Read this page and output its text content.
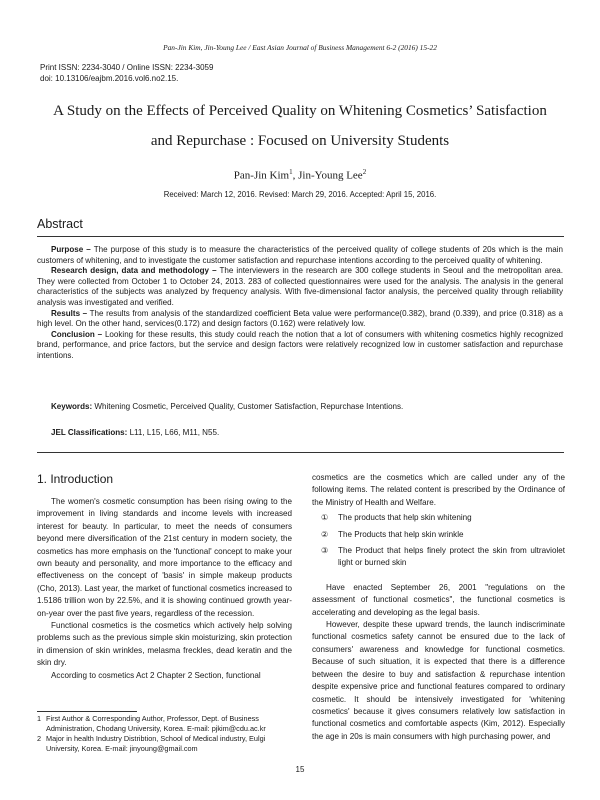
Pan-Jin Kim, Jin-Young Lee / East Asian Journal of Business Management 6-2 (2016) 15-22
Print ISSN: 2234-3040 / Online ISSN: 2234-3059
doi: 10.13106/eajbm.2016.vol6.no2.15.
A Study on the Effects of Perceived Quality on Whitening Cosmetics’ Satisfaction
and Repurchase : Focused on University Students
Pan-Jin Kim$^1$, Jin-Young Lee$^2$
Received: March 12, 2016. Revised: March 29, 2016. Accepted: April 15, 2016.
Abstract

Purpose – The purpose of this study is to measure the characteristics of the perceived quality of college students of 20s which is the main customers of whitening, and to investigate the customer satisfaction and repurchase intentions according to the perceived quality of whitening.

Research design, data and methodology – The interviewers in the research are 300 college students in Seoul and the metropolitan area. They were collected from October 1 to October 24, 2013. 283 of collected questionnaires were used for the analysis. The analysis in the general characteristics of the subjects was analyzed by frequency analysis. With five-dimensional factor analysis, the perceived quality through reliability analysis was investigated and verified.

Results – The results from analysis of the standardized coefficient Beta value were performance(0.382), brand (0.339), and price (0.318) as a high level. On the other hand, services(0.172) and design factors (0.162) were relatively low.

Conclusion – Looking for these results, this study could reach the notion that a lot of consumers with whitening cosmetics highly recognized brand, performance, and price factors, but the service and design factors were relatively recognized low in customer satisfaction and repurchase intentions.

Keywords: Whitening Cosmetic, Perceived Quality, Customer Satisfaction, Repurchase Intentions.
JEL Classifications: L11, L15, L66, M11, N55.
1. Introduction

The women's cosmetic consumption has been rising owing to the improvement in living standards and income levels with increased interest for beauty. In particular, to meet the needs of consumers beyond mere diversification of the 21st century in modern society, the cosmetics has more emphasis on the 'functional' concept to make your own beauty and personality, and more importance to the efficacy and effectiveness on the concept of 'basis' in simple makeup products (Cho, 2013). Last year, the market of functional cosmetics increased to 1.5186 trillion won by 22.5%, and it is showing continued growth year-on-year over the past five years, regardless of the recession.

Functional cosmetics is the cosmetics which actively help solving problems such as the previous simple skin moisturizing, skin protection in dimension of skin wrinkles, melasma freckles, dead keratin and the skin dry.

According to cosmetics Act 2 Chapter 2 Section, functional

cosmetics are the cosmetics which are called under any of the following items. The related content is prescribed by the Ordinance of the Ministry of Health and Welfare.

① The products that help skin whitening
② The Products that help skin wrinkle
③ The Product that helps finely protect the skin from ultraviolet light or burned skin

Have enacted September 26, 2001 "regulations on the assessment of functional cosmetics", the functional cosmetics is accelerating and developing as the legal basis.

However, despite these upward trends, the launch indiscriminate functional cosmetics safety cannot be ensured due to the lack of consumers' awareness and knowledge for functional cosmetics. Because of such situation, it is expected that there is a difference between the desire to buy and satisfaction & repurchase intention despite expensive price and functional features compared to ordinary cosmetic. It should be intensively investigated for 'whitening cosmetics' because it gives consumers relatively low satisfaction in functional cosmetics and comfortable aspects (Kim, 2012). Especially the age in 20s is main consumers with high purchasing power, and

1 First Author & Corresponding Author, Professor, Dept. of Business Administration, Chodang University, Korea. E-mail: pjkim@cdu.ac.kr
2 Major in health Industry Distribtion, School of Medical industry, Eulgi University, Korea. E-mail: jinyoung@gmail.com
15
